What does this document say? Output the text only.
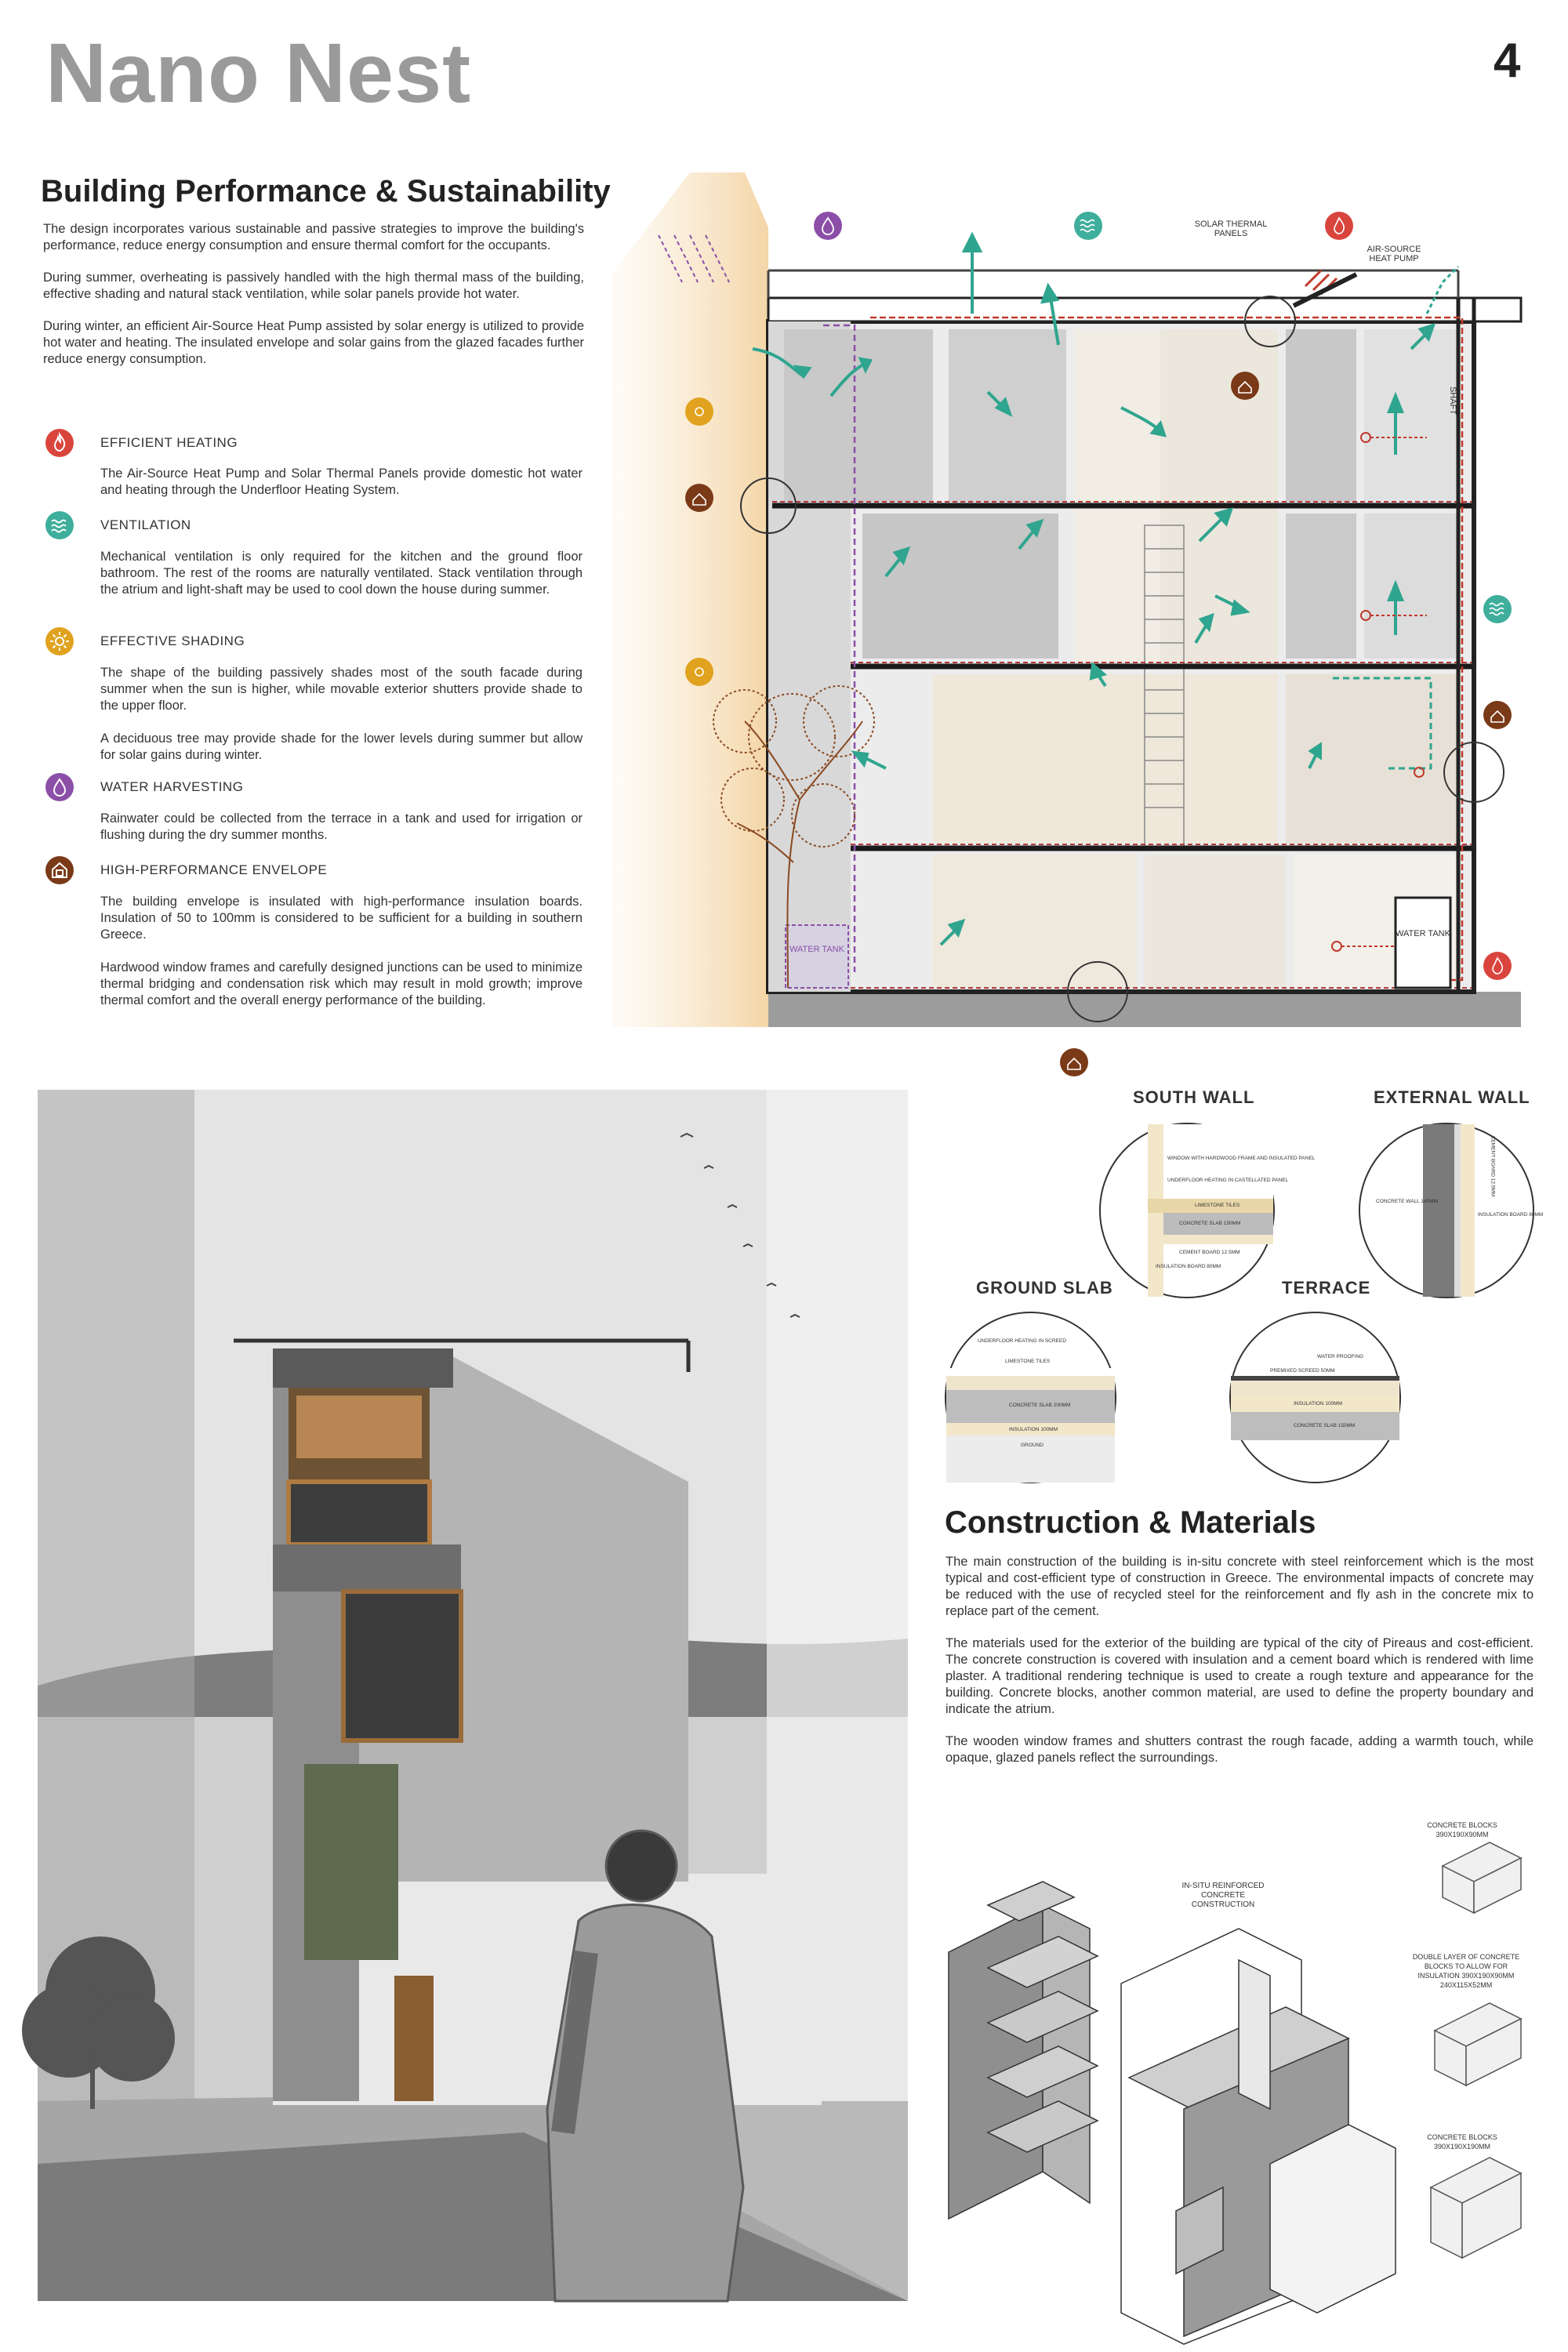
Nano Nest	4
Building Performance & Sustainability

The design incorporates various sustainable and passive strategies to improve the building's performance, reduce energy consumption and ensure thermal comfort for the occupants.

During summer, overheating is passively handled with the high thermal mass of the building, effective shading and natural stack ventilation, while solar panels provide hot water.

During winter, an efficient Air-Source Heat Pump assisted by solar energy is utilized to provide hot water and heating. The insulated envelope and solar gains from the glazed facades further reduce energy consumption.

EFFICIENT HEATING

The Air-Source Heat Pump and Solar Thermal Panels provide domestic hot water and heating through the Underfloor Heating System.

VENTILATION

Mechanical ventilation is only required for the kitchen and the ground floor bathroom. The rest of the rooms are naturally ventilated. Stack ventilation through the atrium and light-shaft may be used to cool down the house during summer.

EFFECTIVE SHADING

The shape of the building passively shades most of the south facade during summer when the sun is higher, while movable exterior shutters provide shade to the upper floor.

A deciduous tree may provide shade for the lower levels during summer but allow for solar gains during winter.

WATER HARVESTING

Rainwater could be collected from the terrace in a tank and used for irrigation or flushing during the dry summer months.

HIGH-PERFORMANCE ENVELOPE

The building envelope is insulated with high-performance insulation boards. Insulation of 50 to 100mm is considered to be sufficient for a building in southern Greece.

Hardwood window frames and carefully designed junctions can be used to minimize thermal bridging and condensation risk which may result in mold growth; improve thermal comfort and the overall energy performance of the building.

SOLAR THERMAL PANELS
AIR-SOURCE HEAT PUMP
SHAFT
WATER TANK
WATER TANK
SOUTH WALL
WINDOW WITH HARDWOOD FRAME AND INSULATED PANEL
UNDERFLOOR HEATING IN CASTELLATED PANEL
LIMESTONE TILES
CONCRETE SLAB 150MM
CEMENT BOARD 12.5MM
INSULATION BOARD 80MM
EXTERNAL WALL
CONCRETE WALL 140MM
CEMENT BOARD 12.5MM
INSULATION BOARD 80MM
GROUND SLAB
UNDERFLOOR HEATING IN SCREED
LIMESTONE TILES
CONCRETE SLAB 200MM
INSULATION 100MM
GROUND
TERRACE
WATER PROOFING
PREMIXED SCREED 50MM
INSULATION 100MM
CONCRETE SLAB 150MM
Construction & Materials

The main construction of the building is in-situ concrete with steel reinforcement which is the most typical and cost-efficient type of construction in Greece. The environmental impacts of concrete may be reduced with the use of recycled steel for the reinforcement and fly ash in the concrete mix to replace part of the cement.

The materials used for the exterior of the building are typical of the city of Pireaus and cost-efficient. The concrete construction is covered with insulation and a cement board which is rendered with lime plaster. A traditional rendering technique is used to create a rough texture and appearance for the building. Concrete blocks, another common material, are used to define the property boundary and indicate the atrium.

The wooden window frames and shutters contrast the rough facade, adding a warmth touch, while opaque, glazed panels reflect the surroundings.

IN-SITU REINFORCED CONCRETE CONSTRUCTION
CONCRETE BLOCKS 390X190X90MM
DOUBLE LAYER OF CONCRETE BLOCKS TO ALLOW FOR INSULATION 390X190X90MM 240X115X52MM
CONCRETE BLOCKS 390X190X190MM
